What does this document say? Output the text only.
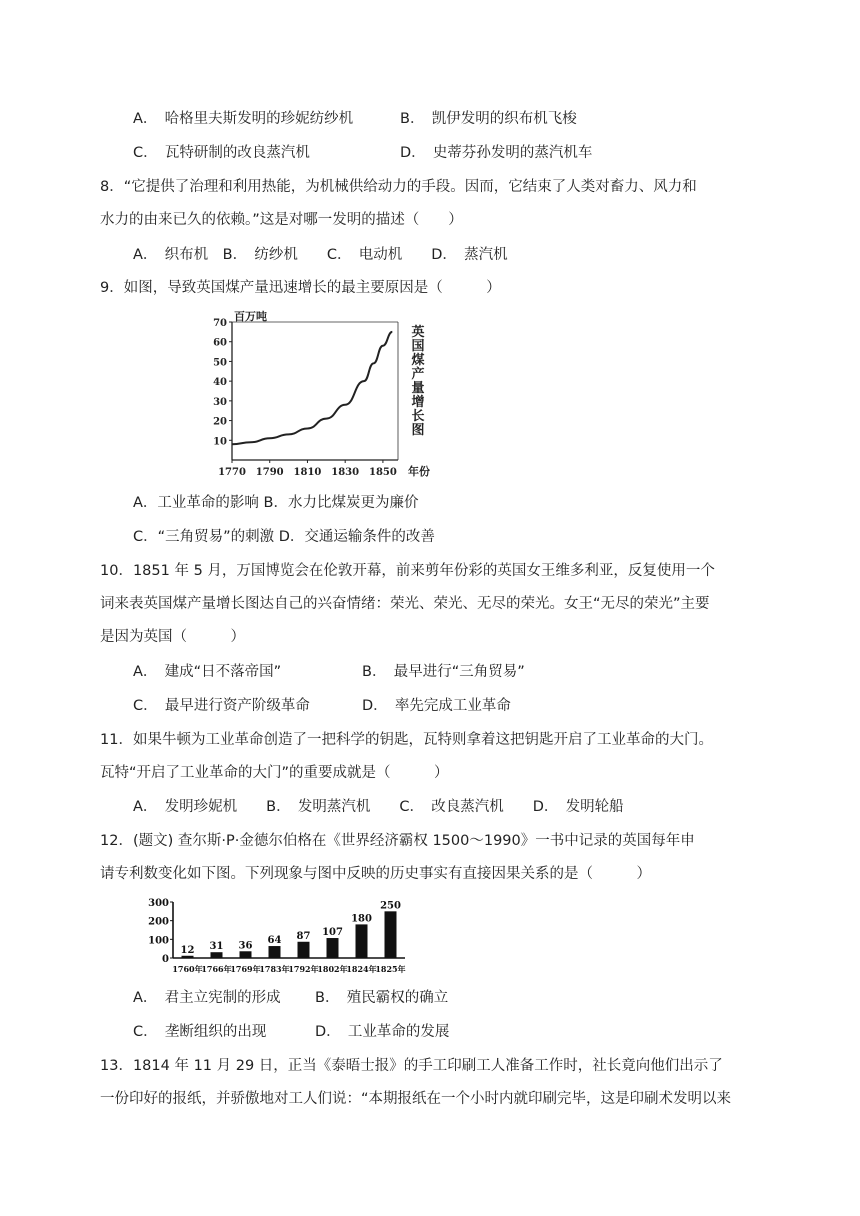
A．　哈格里夫斯发明的珍妮纺纱机	B．　凯伊发明的织布机飞梭
C．　瓦特研制的改良蒸汽机	D．　史蒂芬孙发明的蒸汽机车
8．“它提供了治理和利用热能，为机械供给动力的手段。因而，它结束了人类对畜力、风力和
水力的由来已久的依赖。”这是对哪一发明的描述（　　）
A．　织布机　B．　纺纱机　　C．　电动机　　D．　蒸汽机
9．如图，导致英国煤产量迅速增长的最主要原因是（　　　）
百万吨
英
国
煤
产
量
增
长
图
10
20
30
40
50
60
70
1770 1790 1810 1830 1850 年份
A．工业革命的影响 B．水力比煤炭更为廉价
C．“三角贸易”的刺激 D．交通运输条件的改善
10．1851 年 5 月，万国博览会在伦敦开幕，前来剪年份彩的英国女王维多利亚，反复使用一个
词来表英国煤产量增长图达自己的兴奋情绪：荣光、荣光、无尽的荣光。女王“无尽的荣光”主要
是因为英国（　　　）
A．　建成“日不落帝国”	B．　最早进行“三角贸易”
C．　最早进行资产阶级革命	D．　率先完成工业革命
11．如果牛顿为工业革命创造了一把科学的钥匙，瓦特则拿着这把钥匙开启了工业革命的大门。
瓦特“开启了工业革命的大门”的重要成就是（　　　）
A．　发明珍妮机　　B．　发明蒸汽机　　C．　改良蒸汽机　　D．　发明轮船
12．(题文) 查尔斯·P·金德尔伯格在《世界经济霸权 1500～1990》一书中记录的英国每年申
请专利数变化如下图。下列现象与图中反映的历史事实有直接因果关系的是（　　　）
0
100
200
300
12
1760年
31
1766年
36
1769年
64
1783年
87
1792年
107
1802年
180
1824年
250
1825年
A．　君主立宪制的形成 B．　殖民霸权的确立
C．　垄断组织的出现	D．　工业革命的发展
13．1814 年 11 月 29 日，正当《泰晤士报》的手工印刷工人准备工作时，社长竟向他们出示了
一份印好的报纸，并骄傲地对工人们说：“本期报纸在一个小时内就印刷完毕，这是印刷术发明以来
